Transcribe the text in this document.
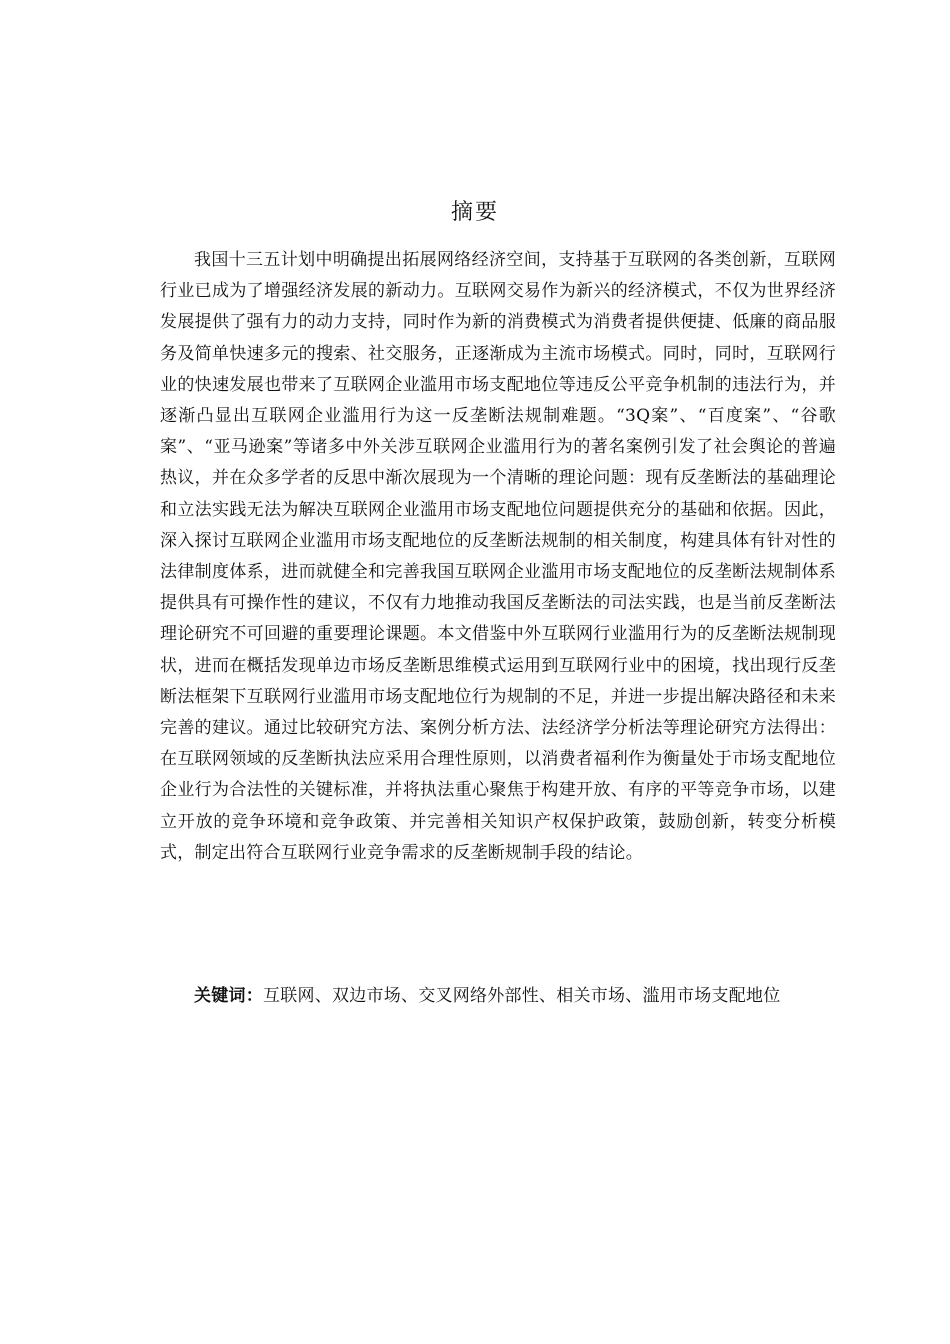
摘要

我国十三五计划中明确提出拓展网络经济空间，支持基于互联网的各类创新，互联网行业已成为了增强经济发展的新动力。互联网交易作为新兴的经济模式，不仅为世界经济发展提供了强有力的动力支持，同时作为新的消费模式为消费者提供便捷、低廉的商品服务及简单快速多元的搜索、社交服务，正逐渐成为主流市场模式。同时，同时，互联网行业的快速发展也带来了互联网企业滥用市场支配地位等违反公平竞争机制的违法行为，并逐渐凸显出互联网企业滥用行为这一反垄断法规制难题。“3Q案”、“百度案”、“谷歌案”、“亚马逊案”等诸多中外关涉互联网企业滥用行为的著名案例引发了社会舆论的普遍热议，并在众多学者的反思中渐次展现为一个清晰的理论问题：现有反垄断法的基础理论和立法实践无法为解决互联网企业滥用市场支配地位问题提供充分的基础和依据。因此，深入探讨互联网企业滥用市场支配地位的反垄断法规制的相关制度，构建具体有针对性的法律制度体系，进而就健全和完善我国互联网企业滥用市场支配地位的反垄断法规制体系提供具有可操作性的建议，不仅有力地推动我国反垄断法的司法实践，也是当前反垄断法理论研究不可回避的重要理论课题。本文借鉴中外互联网行业滥用行为的反垄断法规制现状，进而在概括发现单边市场反垄断思维模式运用到互联网行业中的困境，找出现行反垄断法框架下互联网行业滥用市场支配地位行为规制的不足，并进一步提出解决路径和未来完善的建议。通过比较研究方法、案例分析方法、法经济学分析法等理论研究方法得出：在互联网领域的反垄断执法应采用合理性原则，以消费者福利作为衡量处于市场支配地位企业行为合法性的关键标准，并将执法重心聚焦于构建开放、有序的平等竞争市场，以建立开放的竞争环境和竞争政策、并完善相关知识产权保护政策，鼓励创新，转变分析模式，制定出符合互联网行业竞争需求的反垄断规制手段的结论。

关键词：互联网、双边市场、交叉网络外部性、相关市场、滥用市场支配地位
